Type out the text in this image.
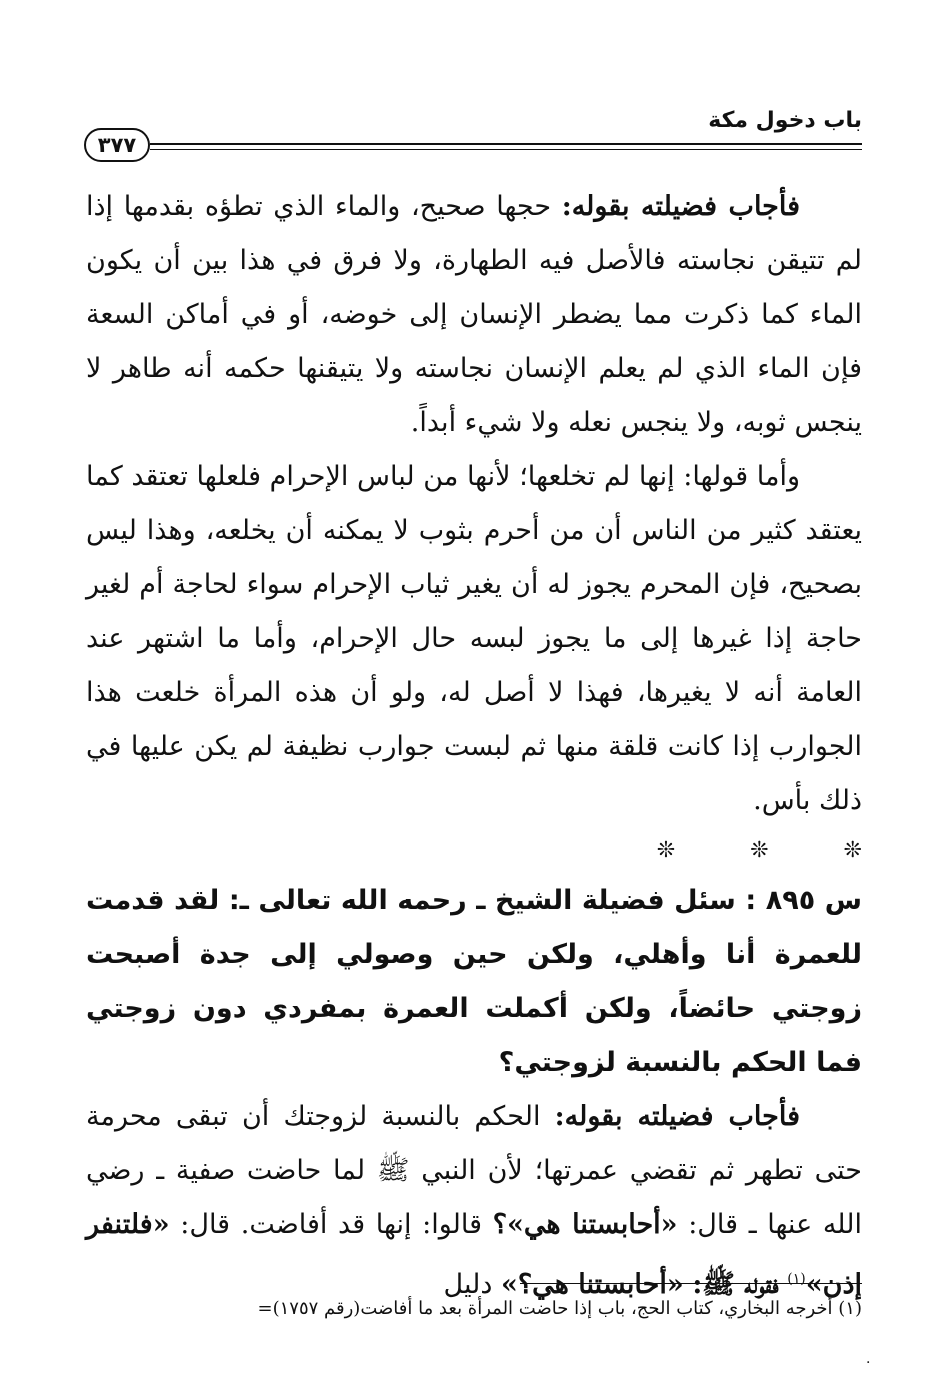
باب دخول مكة
٣٧٧

فأجاب فضيلته بقوله: حجها صحيح، والماء الذي تطؤه بقدمها إذا لم تتيقن نجاسته فالأصل فيه الطهارة، ولا فرق في هذا بين أن يكون الماء كما ذكرت مما يضطر الإنسان إلى خوضه، أو في أماكن السعة فإن الماء الذي لم يعلم الإنسان نجاسته ولا يتيقنها حكمه أنه طاهر لا ينجس ثوبه، ولا ينجس نعله ولا شيء أبداً.

وأما قولها: إنها لم تخلعها؛ لأنها من لباس الإحرام فلعلها تعتقد كما يعتقد كثير من الناس أن من أحرم بثوب لا يمكنه أن يخلعه، وهذا ليس بصحيح، فإن المحرم يجوز له أن يغير ثياب الإحرام سواء لحاجة أم لغير حاجة إذا غيرها إلى ما يجوز لبسه حال الإحرام، وأما ما اشتهر عند العامة أنه لا يغيرها، فهذا لا أصل له، ولو أن هذه المرأة خلعت هذا الجوارب إذا كانت قلقة منها ثم لبست جوارب نظيفة لم يكن عليها في ذلك بأس.

❊ ❊ ❊

س ٨٩٥ : سئل فضيلة الشيخ ـ رحمه الله تعالى ـ: لقد قدمت للعمرة أنا وأهلي، ولكن حين وصولي إلى جدة أصبحت زوجتي حائضاً، ولكن أكملت العمرة بمفردي دون زوجتي فما الحكم بالنسبة لزوجتي؟

فأجاب فضيلته بقوله: الحكم بالنسبة لزوجتك أن تبقى محرمة حتى تطهر ثم تقضي عمرتها؛ لأن النبي ﷺ لما حاضت صفية ـ رضي الله عنها ـ قال: «أحابستنا هي»؟ قالوا: إنها قد أفاضت. قال: «فلتنفر إذن»$^{(١)}$ فقوله ﷺ: «أحابستنا هي؟» دليل

(١) أخرجه البخاري، كتاب الحج، باب إذا حاضت المرأة بعد ما أفاضت(رقم ١٧٥٧)=
·
